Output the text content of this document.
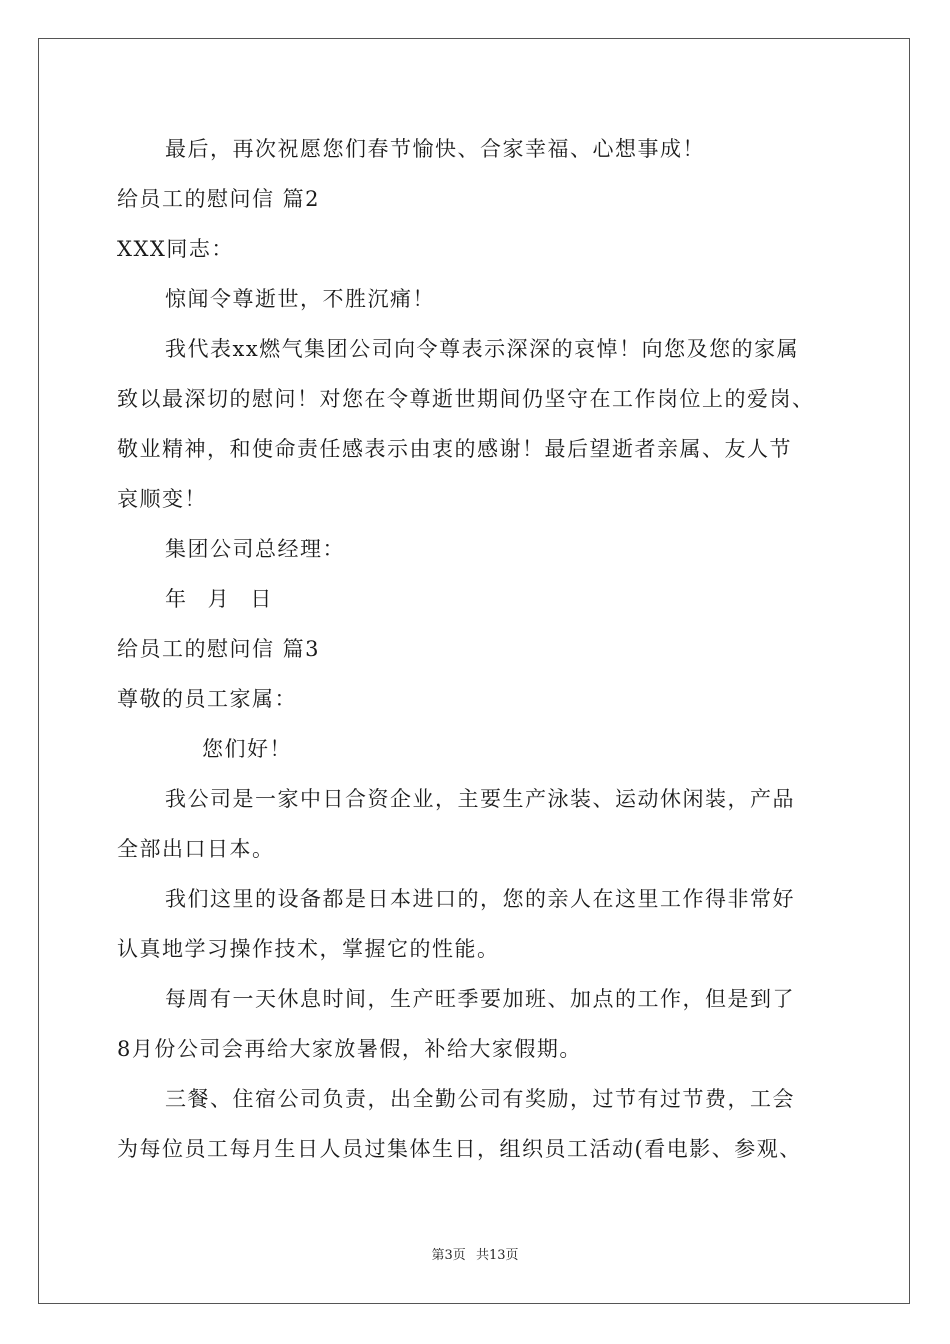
最后，再次祝愿您们春节愉快、合家幸福、心想事成！
给员工的慰问信 篇2
XXX同志：
惊闻令尊逝世，不胜沉痛！
我代表xx燃气集团公司向令尊表示深深的哀悼！向您及您的家属
致以最深切的慰问！对您在令尊逝世期间仍坚守在工作岗位上的爱岗、
敬业精神，和使命责任感表示由衷的感谢！最后望逝者亲属、友人节
哀顺变！
集团公司总经理：
年 月 日
给员工的慰问信 篇3
尊敬的员工家属：
您们好！
我公司是一家中日合资企业，主要生产泳装、运动休闲装，产品
全部出口日本。
我们这里的设备都是日本进口的，您的亲人在这里工作得非常好
认真地学习操作技术，掌握它的性能。
每周有一天休息时间，生产旺季要加班、加点的工作，但是到了
8月份公司会再给大家放暑假，补给大家假期。
三餐、住宿公司负责，出全勤公司有奖励，过节有过节费，工会
为每位员工每月生日人员过集体生日，组织员工活动(看电影、参观、
第3页 共13页
